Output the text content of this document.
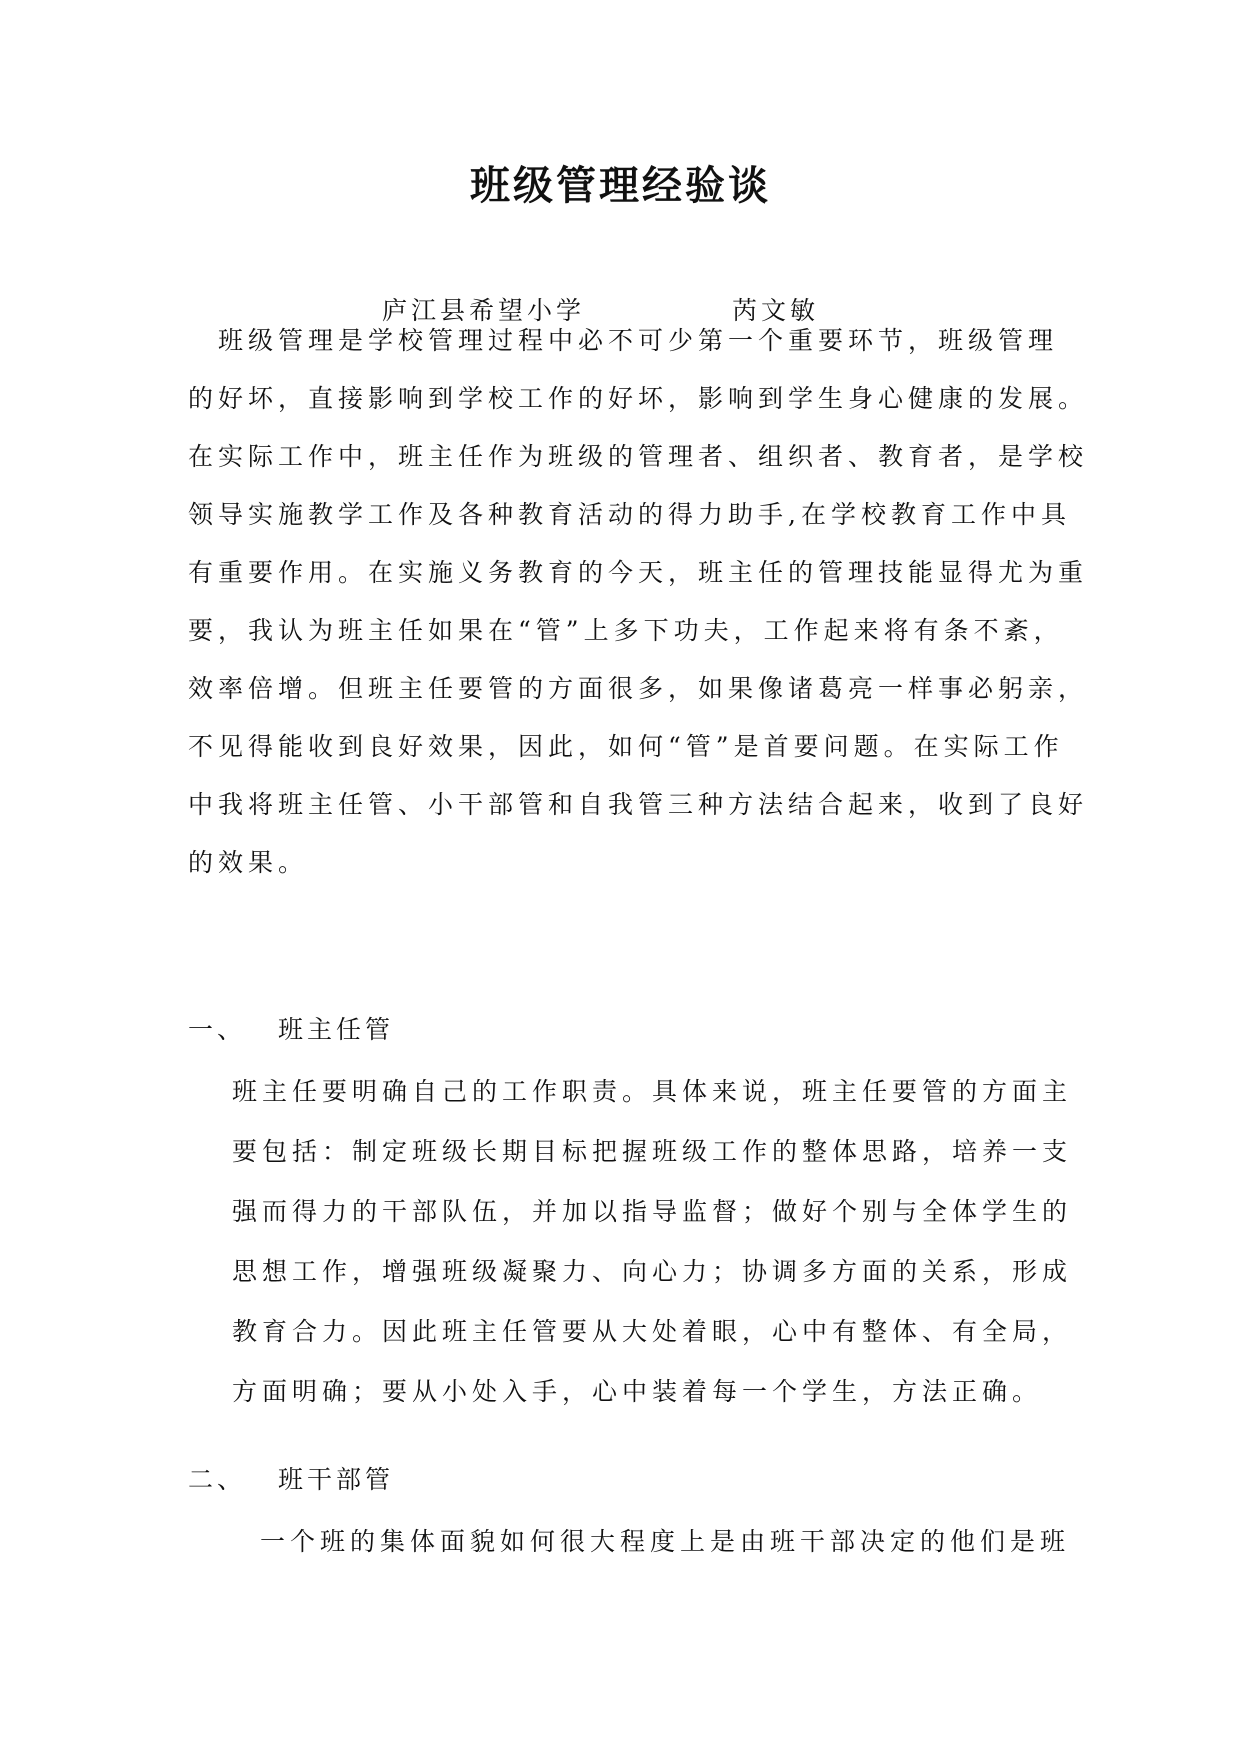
班级管理经验谈
庐江县希望小学	芮文敏
　班级管理是学校管理过程中必不可少第一个重要环节，班级管理
的好坏，直接影响到学校工作的好坏，影响到学生身心健康的发展。
在实际工作中，班主任作为班级的管理者、组织者、教育者，是学校
领导实施教学工作及各种教育活动的得力助手,在学校教育工作中具
有重要作用。在实施义务教育的今天，班主任的管理技能显得尤为重
要，我认为班主任如果在“管”上多下功夫，工作起来将有条不紊，
效率倍增。但班主任要管的方面很多，如果像诸葛亮一样事必躬亲，
不见得能收到良好效果，因此，如何“管”是首要问题。在实际工作
中我将班主任管、小干部管和自我管三种方法结合起来，收到了良好
的效果。
一、 班主任管
班主任要明确自己的工作职责。具体来说，班主任要管的方面主
要包括：制定班级长期目标把握班级工作的整体思路，培养一支
强而得力的干部队伍，并加以指导监督；做好个别与全体学生的
思想工作，增强班级凝聚力、向心力；协调多方面的关系，形成
教育合力。因此班主任管要从大处着眼，心中有整体、有全局，
方面明确；要从小处入手，心中装着每一个学生，方法正确。
二、 班干部管
一个班的集体面貌如何很大程度上是由班干部决定的他们是班
